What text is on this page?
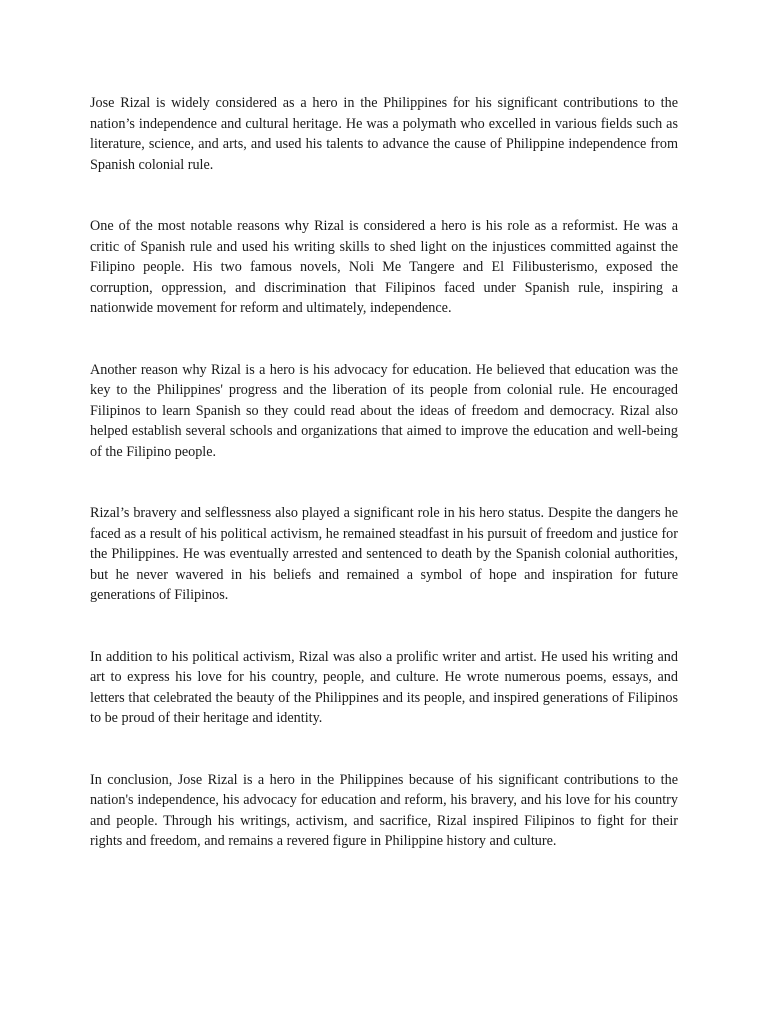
Jose Rizal is widely considered as a hero in the Philippines for his significant contributions to the nation’s independence and cultural heritage. He was a polymath who excelled in various fields such as literature, science, and arts, and used his talents to advance the cause of Philippine independence from Spanish colonial rule.

One of the most notable reasons why Rizal is considered a hero is his role as a reformist. He was a critic of Spanish rule and used his writing skills to shed light on the injustices committed against the Filipino people. His two famous novels, Noli Me Tangere and El Filibusterismo, exposed the corruption, oppression, and discrimination that Filipinos faced under Spanish rule, inspiring a nationwide movement for reform and ultimately, independence.

Another reason why Rizal is a hero is his advocacy for education. He believed that education was the key to the Philippines' progress and the liberation of its people from colonial rule. He encouraged Filipinos to learn Spanish so they could read about the ideas of freedom and democracy. Rizal also helped establish several schools and organizations that aimed to improve the education and well-being of the Filipino people.

Rizal’s bravery and selflessness also played a significant role in his hero status. Despite the dangers he faced as a result of his political activism, he remained steadfast in his pursuit of freedom and justice for the Philippines. He was eventually arrested and sentenced to death by the Spanish colonial authorities, but he never wavered in his beliefs and remained a symbol of hope and inspiration for future generations of Filipinos.

In addition to his political activism, Rizal was also a prolific writer and artist. He used his writing and art to express his love for his country, people, and culture. He wrote numerous poems, essays, and letters that celebrated the beauty of the Philippines and its people, and inspired generations of Filipinos to be proud of their heritage and identity.

In conclusion, Jose Rizal is a hero in the Philippines because of his significant contributions to the nation's independence, his advocacy for education and reform, his bravery, and his love for his country and people. Through his writings, activism, and sacrifice, Rizal inspired Filipinos to fight for their rights and freedom, and remains a revered figure in Philippine history and culture.
